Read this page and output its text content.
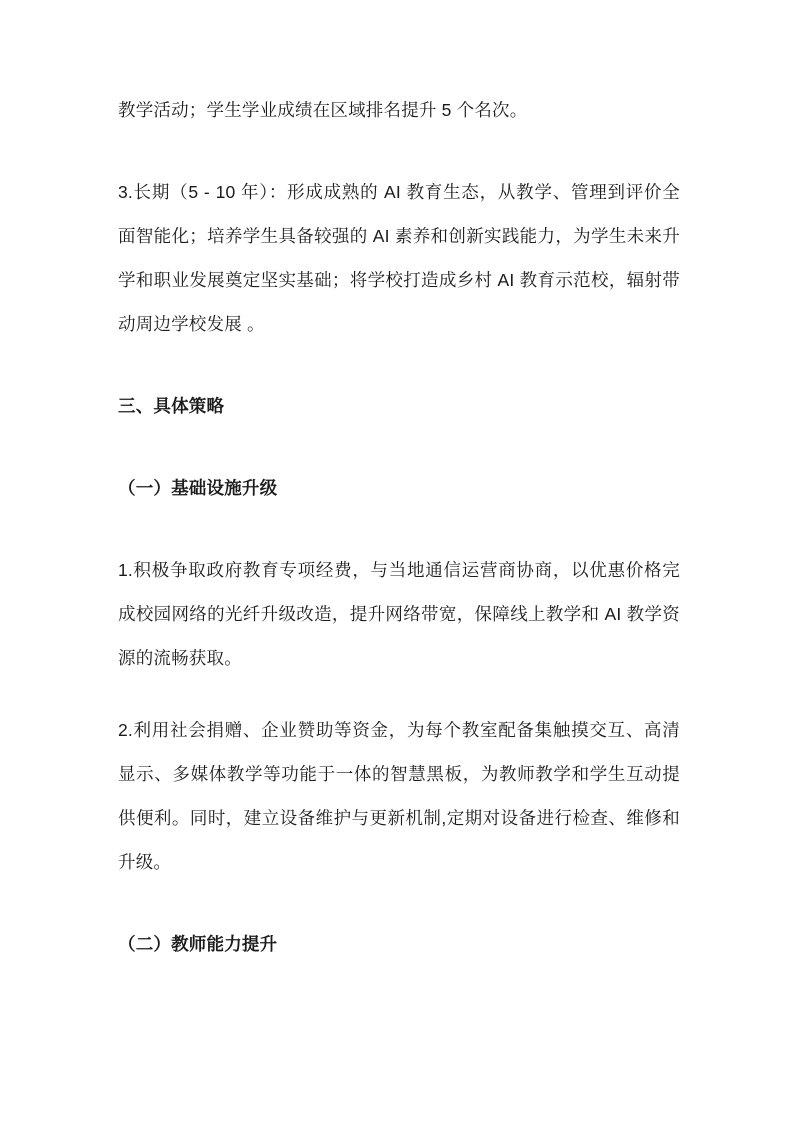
教学活动；学生学业成绩在区域排名提升 5 个名次。

3.长期（5 - 10 年）：形成成熟的 AI 教育生态，从教学、管理到评价全面智能化；培养学生具备较强的 AI 素养和创新实践能力，为学生未来升学和职业发展奠定坚实基础；将学校打造成乡村 AI 教育示范校，辐射带动周边学校发展 。

三、具体策略

（一）基础设施升级

1.积极争取政府教育专项经费，与当地通信运营商协商，以优惠价格完成校园网络的光纤升级改造，提升网络带宽，保障线上教学和 AI 教学资源的流畅获取。

2.利用社会捐赠、企业赞助等资金，为每个教室配备集触摸交互、高清显示、多媒体教学等功能于一体的智慧黑板，为教师教学和学生互动提供便利。同时，建立设备维护与更新机制,定期对设备进行检查、维修和升级。

（二）教师能力提升
